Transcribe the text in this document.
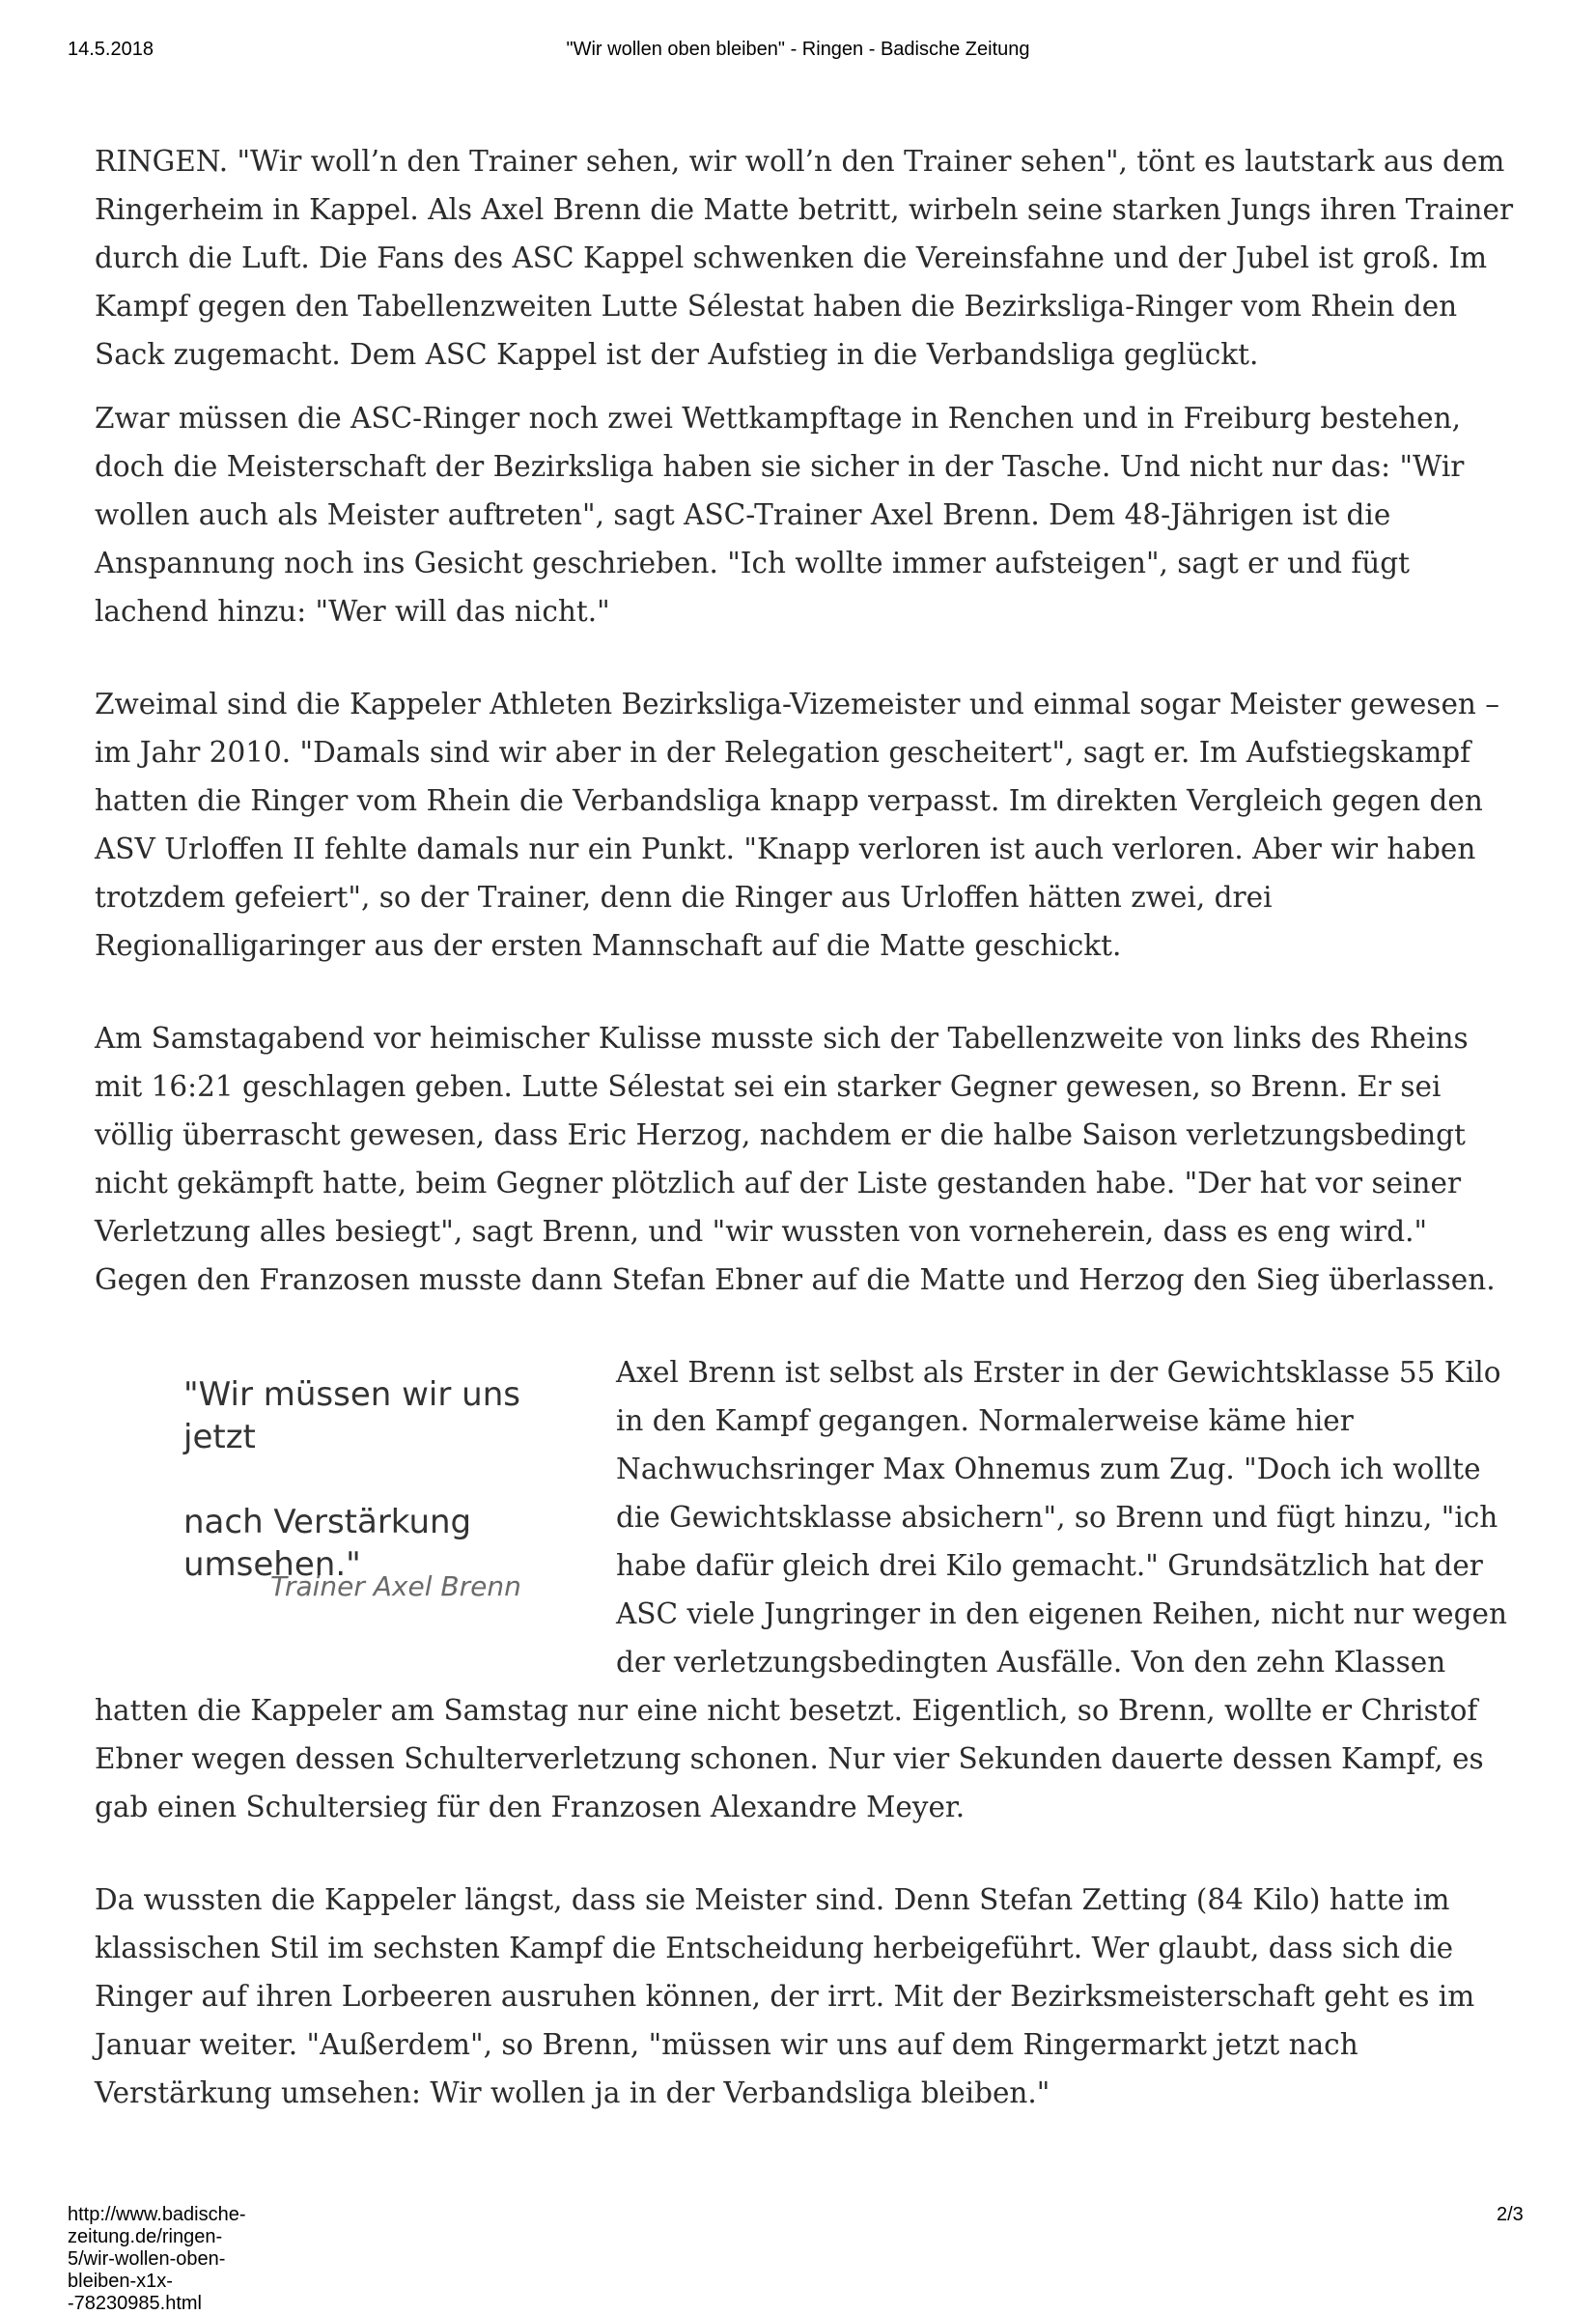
14.5.2018	"Wir wollen oben bleiben" - Ringen - Badische Zeitung

RINGEN. "Wir woll’n den Trainer sehen, wir woll’n den Trainer sehen", tönt es lautstark aus dem Ringerheim in Kappel. Als Axel Brenn die Matte betritt, wirbeln seine starken Jungs ihren Trainer durch die Luft. Die Fans des ASC Kappel schwenken die Vereinsfahne und der Jubel ist groß. Im Kampf gegen den Tabellenzweiten Lutte Sélestat haben die Bezirksliga-Ringer vom Rhein den Sack zugemacht. Dem ASC Kappel ist der Aufstieg in die Verbandsliga geglückt.

Zwar müssen die ASC-Ringer noch zwei Wettkampftage in Renchen und in Freiburg bestehen, doch die Meisterschaft der Bezirksliga haben sie sicher in der Tasche. Und nicht nur das: "Wir wollen auch als Meister auftreten", sagt ASC-Trainer Axel Brenn. Dem 48-Jährigen ist die Anspannung noch ins Gesicht geschrieben. "Ich wollte immer aufsteigen", sagt er und fügt lachend hinzu: "Wer will das nicht."

Zweimal sind die Kappeler Athleten Bezirksliga-Vizemeister und einmal sogar Meister gewesen – im Jahr 2010. "Damals sind wir aber in der Relegation gescheitert", sagt er. Im Aufstiegskampf hatten die Ringer vom Rhein die Verbandsliga knapp verpasst. Im direkten Vergleich gegen den ASV Urloffen II fehlte damals nur ein Punkt. "Knapp verloren ist auch verloren. Aber wir haben trotzdem gefeiert", so der Trainer, denn die Ringer aus Urloffen hätten zwei, drei Regionalligaringer aus der ersten Mannschaft auf die Matte geschickt.

Am Samstagabend vor heimischer Kulisse musste sich der Tabellenzweite von links des Rheins mit 16:21 geschlagen geben. Lutte Sélestat sei ein starker Gegner gewesen, so Brenn. Er sei völlig überrascht gewesen, dass Eric Herzog, nachdem er die halbe Saison verletzungsbedingt nicht gekämpft hatte, beim Gegner plötzlich auf der Liste gestanden habe. "Der hat vor seiner Verletzung alles besiegt", sagt Brenn, und "wir wussten von vorneherein, dass es eng wird." Gegen den Franzosen musste dann Stefan Ebner auf die Matte und Herzog den Sieg überlassen.

"Wir müssen wir uns jetzt
nach Verstärkung umsehen."
Trainer Axel Brenn

Axel Brenn ist selbst als Erster in der Gewichtsklasse 55 Kilo in den Kampf gegangen. Normalerweise käme hier Nachwuchsringer Max Ohnemus zum Zug. "Doch ich wollte die Gewichtsklasse absichern", so Brenn und fügt hinzu, "ich habe dafür gleich drei Kilo gemacht." Grundsätzlich hat der ASC viele Jungringer in den eigenen Reihen, nicht nur wegen der verletzungsbedingten Ausfälle. Von den zehn Klassen hatten die Kappeler am Samstag nur eine nicht besetzt. Eigentlich, so Brenn, wollte er Christof Ebner wegen dessen Schulterverletzung schonen. Nur vier Sekunden dauerte dessen Kampf, es gab einen Schultersieg für den Franzosen Alexandre Meyer.

Da wussten die Kappeler längst, dass sie Meister sind. Denn Stefan Zetting (84 Kilo) hatte im klassischen Stil im sechsten Kampf die Entscheidung herbeigeführt. Wer glaubt, dass sich die Ringer auf ihren Lorbeeren ausruhen können, der irrt. Mit der Bezirksmeisterschaft geht es im Januar weiter. "Außerdem", so Brenn, "müssen wir uns auf dem Ringermarkt jetzt nach Verstärkung umsehen: Wir wollen ja in der Verbandsliga bleiben."

http://www.badische-zeitung.de/ringen-5/wir-wollen-oben-bleiben-x1x--78230985.html
2/3
